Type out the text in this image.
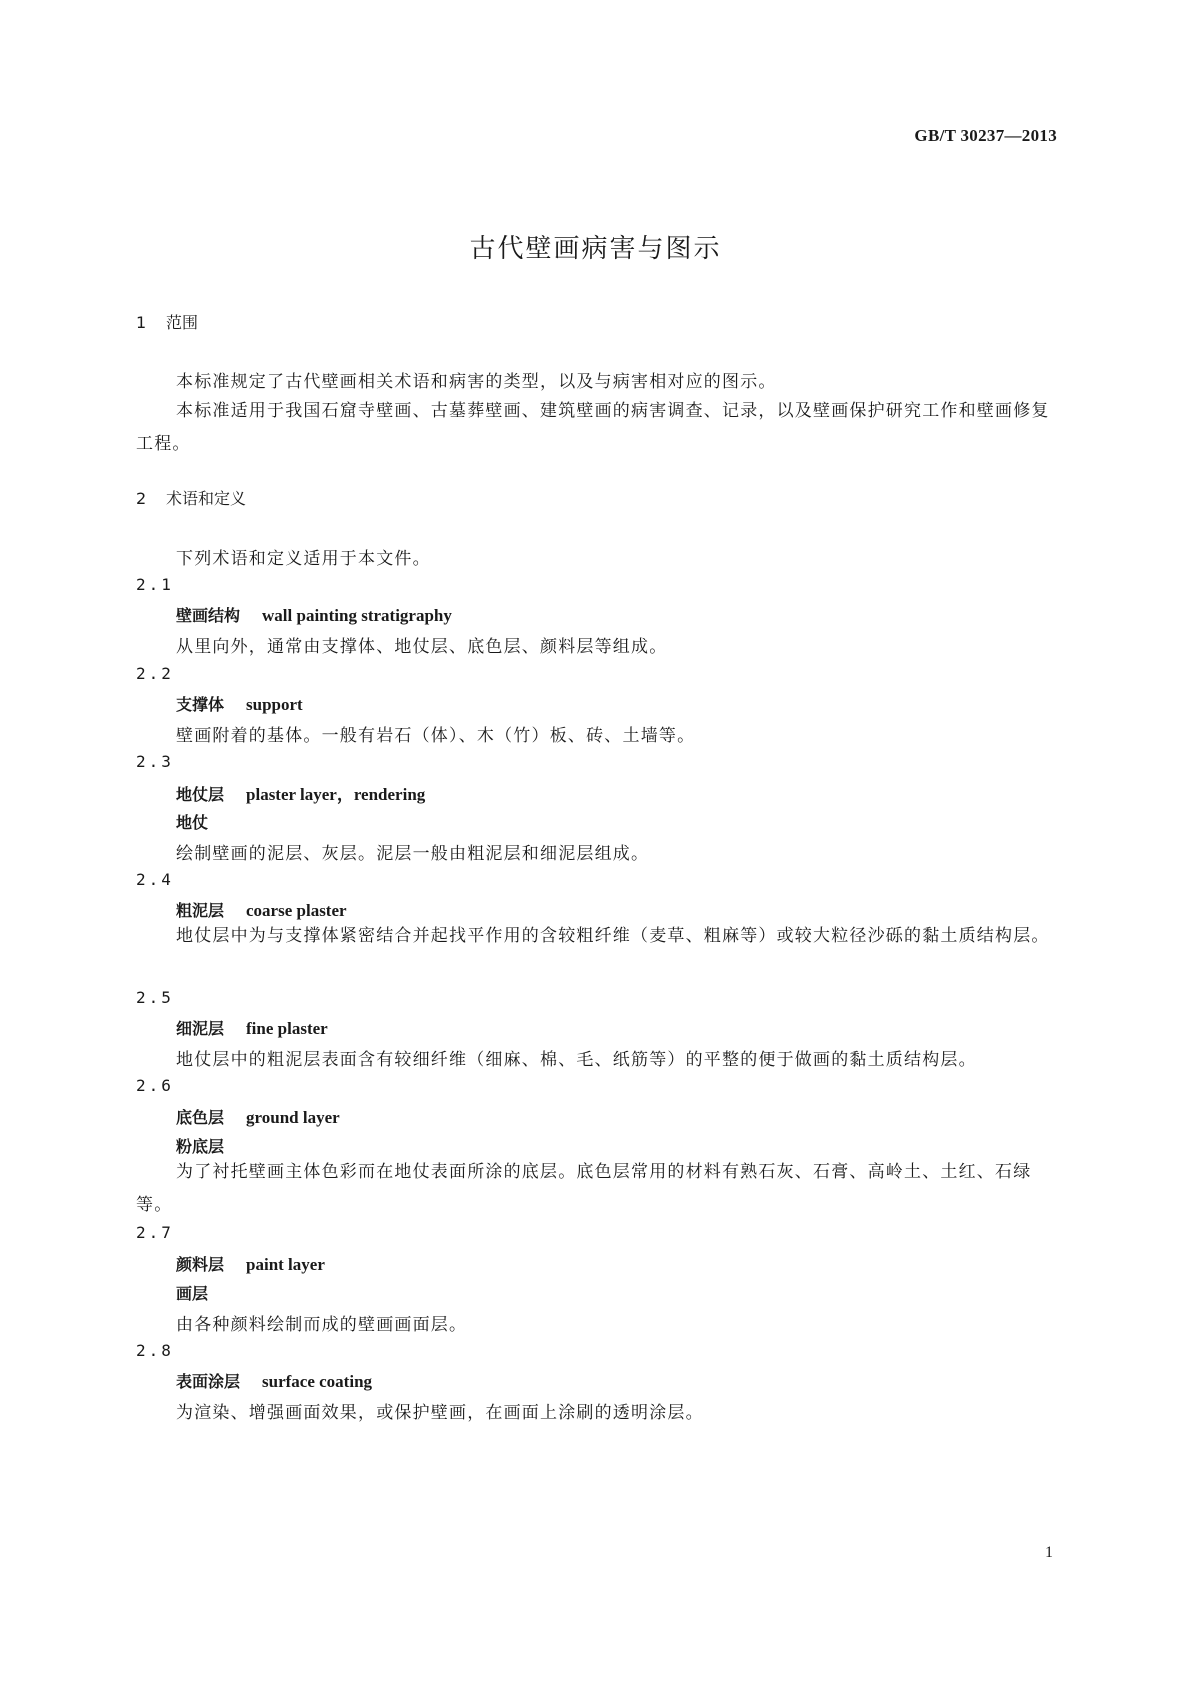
GB/T 30237—2013
古代壁画病害与图示
1 范围
本标准规定了古代壁画相关术语和病害的类型，以及与病害相对应的图示。
本标准适用于我国石窟寺壁画、古墓葬壁画、建筑壁画的病害调查、记录，以及壁画保护研究工作和壁画修复工程。
2 术语和定义
下列术语和定义适用于本文件。
2.1
壁画结构 wall painting stratigraphy
从里向外，通常由支撑体、地仗层、底色层、颜料层等组成。
2.2
支撑体 support
壁画附着的基体。一般有岩石（体）、木（竹）板、砖、土墙等。
2.3
地仗层 plaster layer，rendering
地仗
绘制壁画的泥层、灰层。泥层一般由粗泥层和细泥层组成。
2.4
粗泥层 coarse plaster
地仗层中为与支撑体紧密结合并起找平作用的含较粗纤维（麦草、粗麻等）或较大粒径沙砾的黏土质结构层。
2.5
细泥层 fine plaster
地仗层中的粗泥层表面含有较细纤维（细麻、棉、毛、纸筋等）的平整的便于做画的黏土质结构层。
2.6
底色层 ground layer
粉底层
为了衬托壁画主体色彩而在地仗表面所涂的底层。底色层常用的材料有熟石灰、石膏、高岭土、土红、石绿等。
2.7
颜料层 paint layer
画层
由各种颜料绘制而成的壁画画面层。
2.8
表面涂层 surface coating
为渲染、增强画面效果，或保护壁画，在画面上涂刷的透明涂层。
1
